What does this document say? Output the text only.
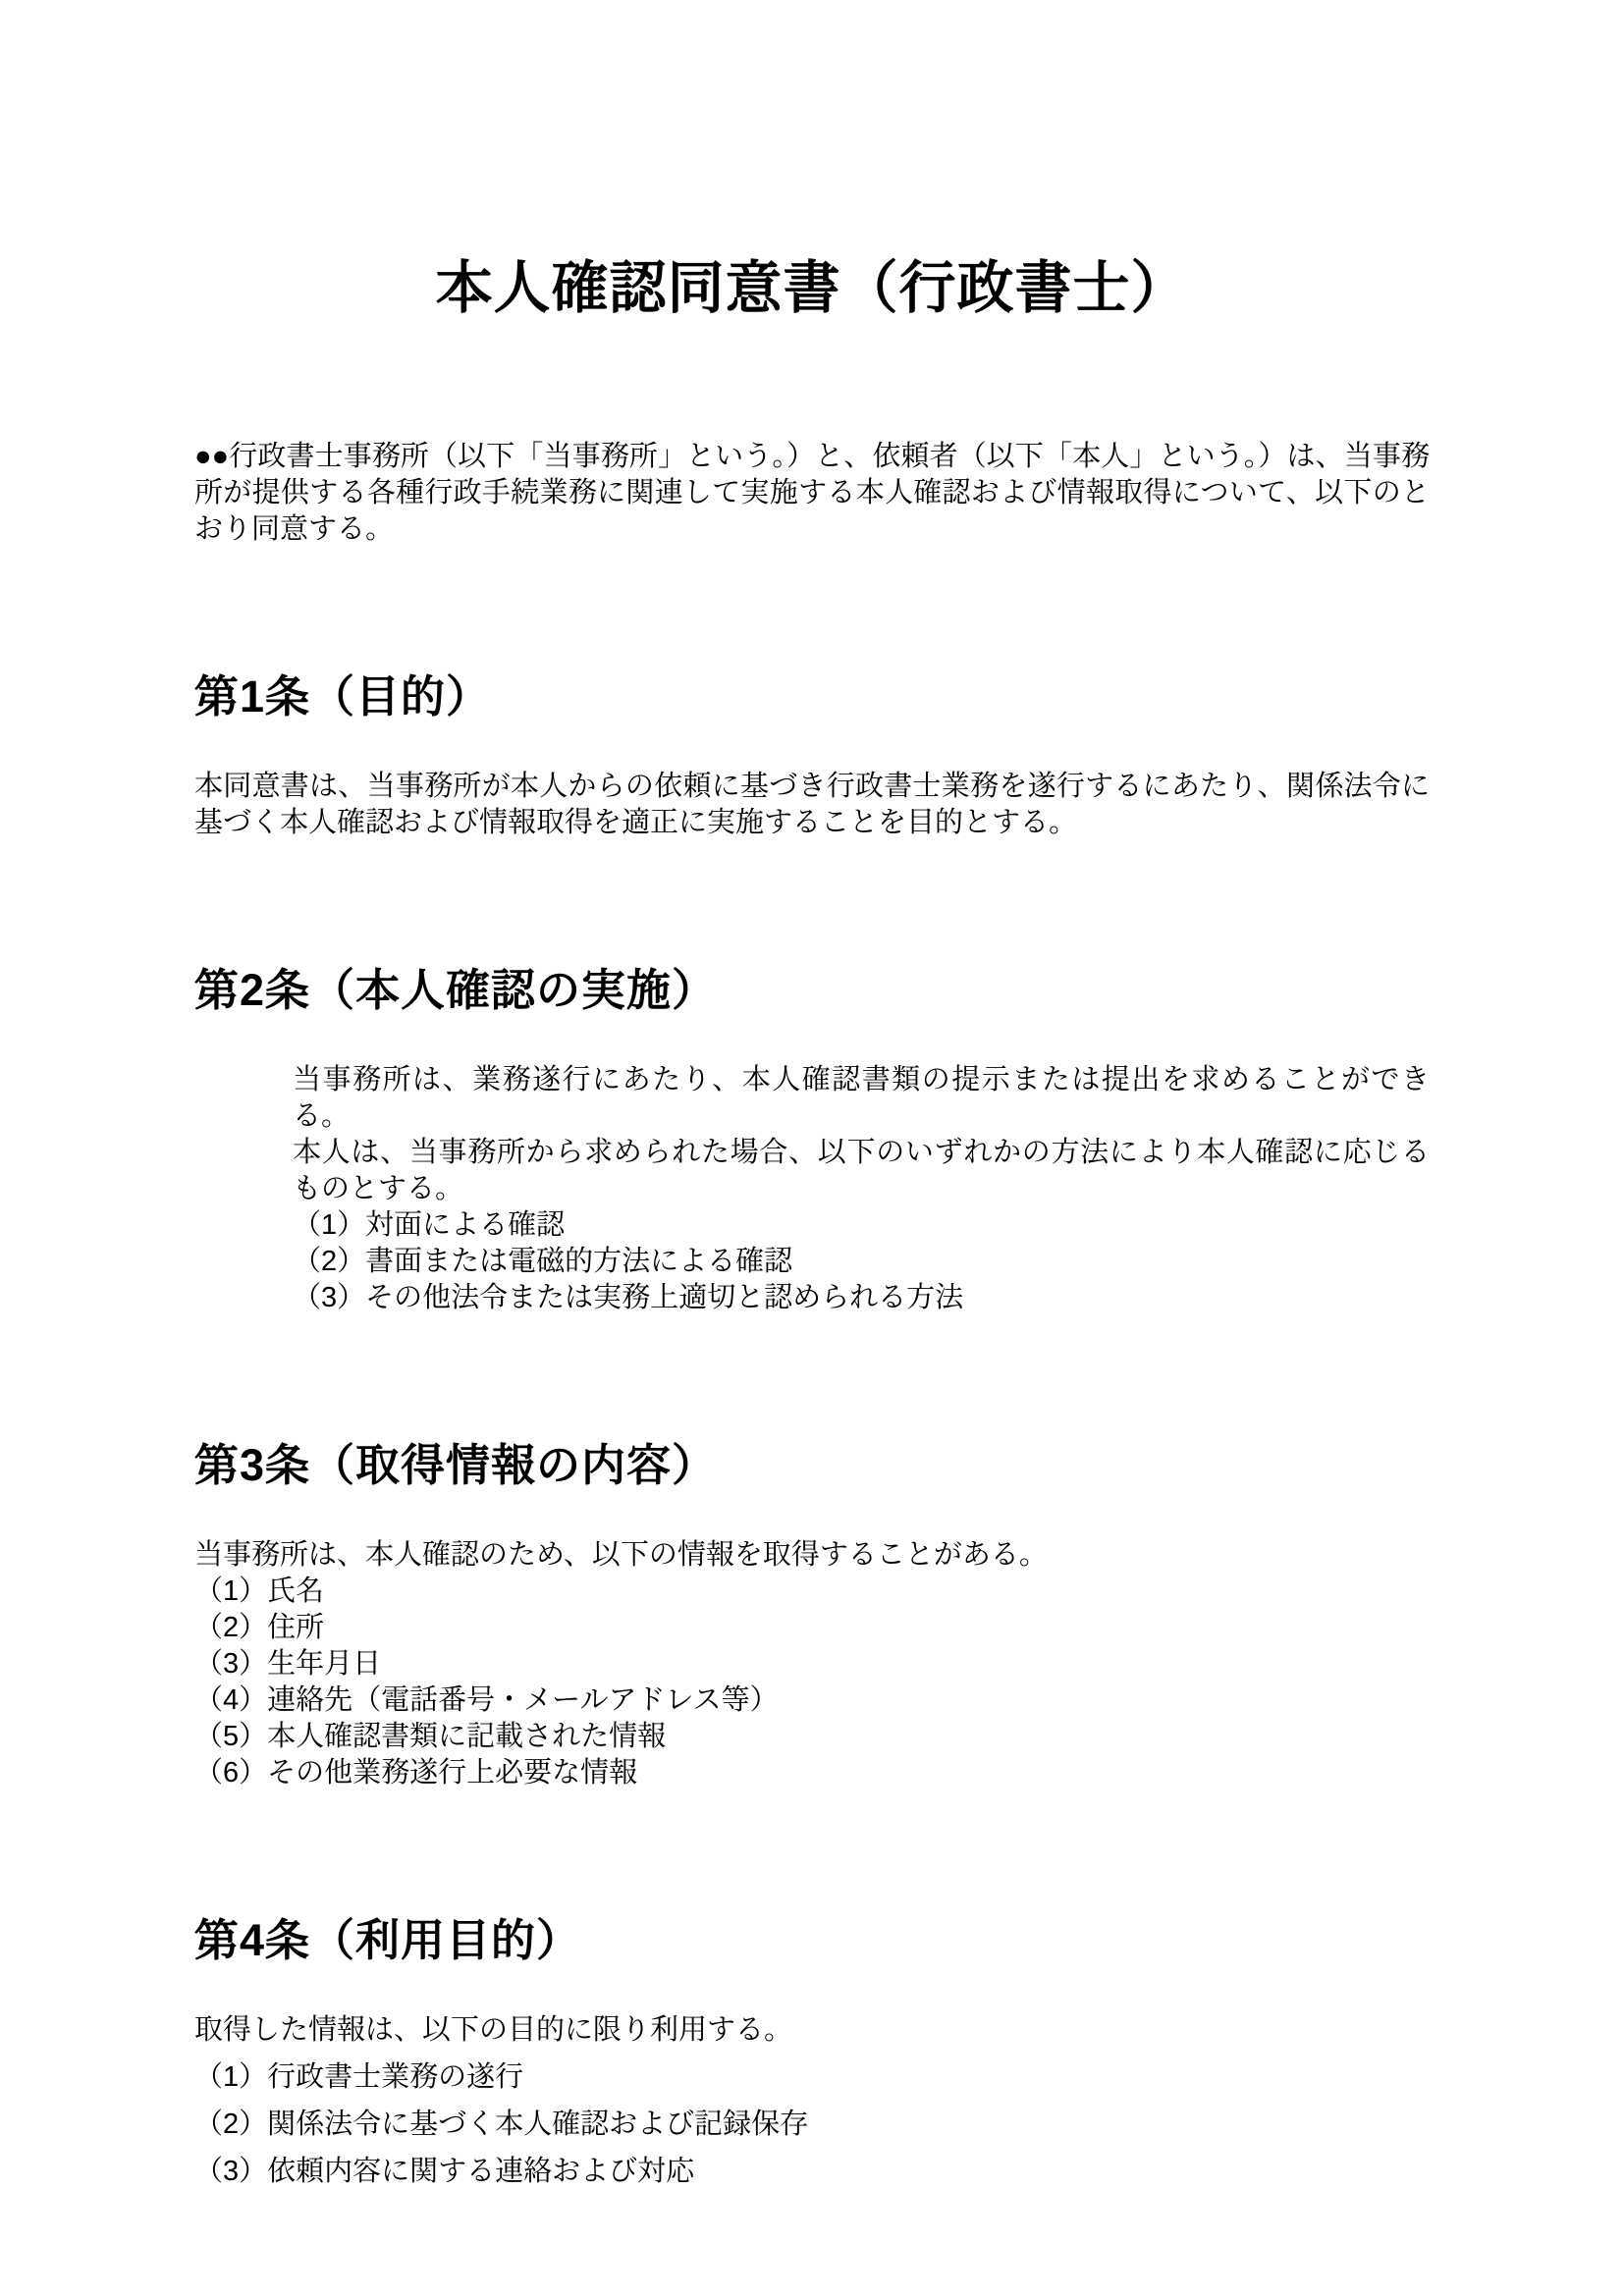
本人確認同意書（行政書士）

●●行政書士事務所（以下「当事務所」という。）と、依頼者（以下「本人」という。）は、当事務所が提供する各種行政手続業務に関連して実施する本人確認および情報取得について、以下のとおり同意する。

第1条（目的）

本同意書は、当事務所が本人からの依頼に基づき行政書士業務を遂行するにあたり、関係法令に基づく本人確認および情報取得を適正に実施することを目的とする。

第2条（本人確認の実施）

当事務所は、業務遂行にあたり、本人確認書類の提示または提出を求めることができる。

本人は、当事務所から求められた場合、以下のいずれかの方法により本人確認に応じるものとする。

（1）対面による確認
（2）書面または電磁的方法による確認
（3）その他法令または実務上適切と認められる方法
第3条（取得情報の内容）

当事務所は、本人確認のため、以下の情報を取得することがある。

（1）氏名
（2）住所
（3）生年月日
（4）連絡先（電話番号・メールアドレス等）
（5）本人確認書類に記載された情報
（6）その他業務遂行上必要な情報
第4条（利用目的）

取得した情報は、以下の目的に限り利用する。

（1）行政書士業務の遂行
（2）関係法令に基づく本人確認および記録保存
（3）依頼内容に関する連絡および対応
